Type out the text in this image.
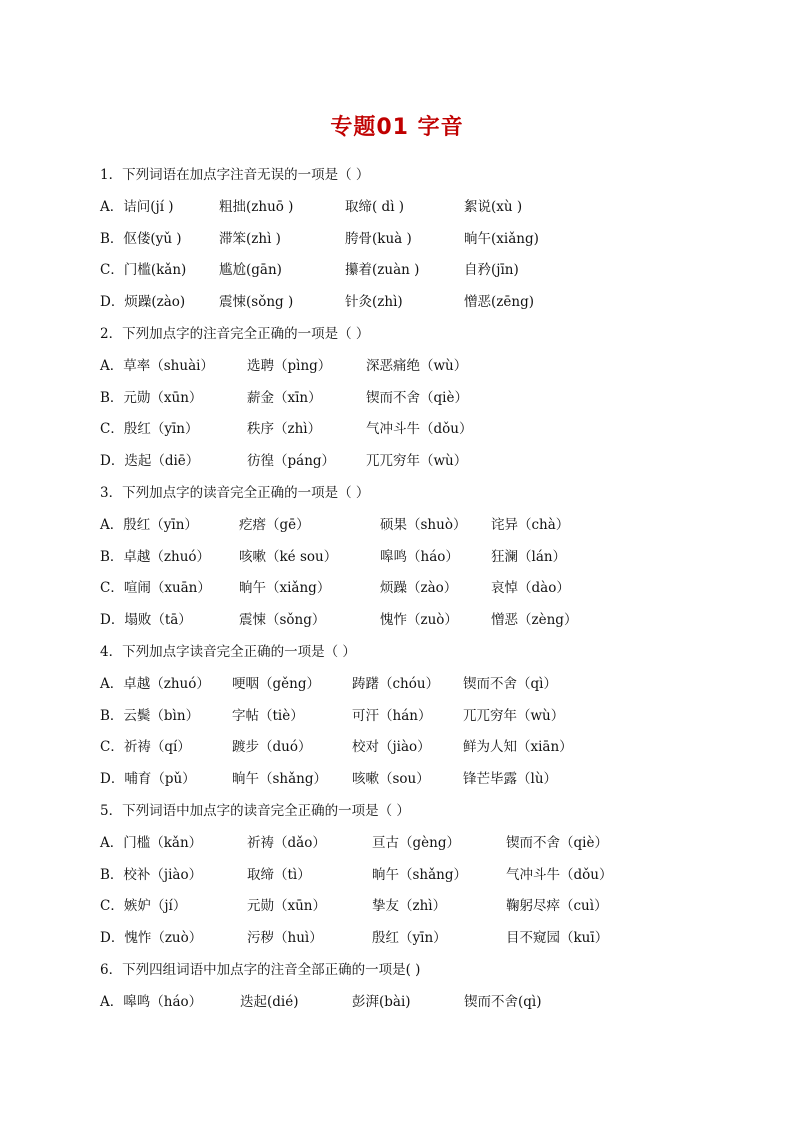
专题01 字音
1．下列词语在加点字注音无误的一项是（ ）
A．诘问(jí )	粗拙(zhuō )	取缔( dì )	絮说(xù )
B．伛偻(yǔ )	滞笨(zhì )	胯骨(kuà )	晌午(xiǎng)
C．门槛(kǎn) 尴尬(gān)	攥着(zuàn )	自矜(jīn)
D．烦躁(zào)	震悚(sǒng )	针灸(zhì)	憎恶(zēng)
2．下列加点字的注音完全正确的一项是（ ）
A．草率（shuài） 选聘（pìng）	深恶痛绝（wù）
B．元勋（xūn）	薪金（xīn）	锲而不舍（qiè）
C．殷红（yīn）	秩序（zhì）	气冲斗牛（dǒu）
D．迭起（diē）	彷徨（páng） 兀兀穷年（wù）
3．下列加点字的读音完全正确的一项是（ ）
A．殷红（yīn）	疙瘩（gē）	硕果（shuò） 诧异（chà）
B．卓越（zhuó） 咳嗽（ké sou）	嗥鸣（háo） 狂澜（lán）
C．喧闹（xuān） 晌午（xiǎng）	烦躁（zào） 哀悼（dào）
D．塌败（tā）	震悚（sǒng）	愧怍（zuò） 憎恶（zèng）
4．下列加点字读音完全正确的一项是（ ）
A．卓越（zhuó） 哽咽（gěng） 踌躇（chóu） 锲而不舍（qì）
B．云鬓（bìn） 字帖（tiè）	可汗（hán） 兀兀穷年（wù）
C．祈祷（qí）	踱步（duó）	校对（jiào） 鲜为人知（xiān）
D．哺育（pǔ）	晌午（shǎng） 咳嗽（sou） 锋芒毕露（lù）
5．下列词语中加点字的读音完全正确的一项是（ ）
A．门槛（kǎn）	祈祷（dǎo）	亘古（gèng）	锲而不舍（qiè）
B．校补（jiào）	取缔（tì）	晌午（shǎng）	气冲斗牛（dǒu）
C．嫉妒（jí）	元勋（xūn）	挚友（zhì）	鞠躬尽瘁（cuì）
D．愧怍（zuò）	污秽（huì）	殷红（yīn）	目不窥园（kuī）
6．下列四组词语中加点字的注音全部正确的一项是( )
A．嗥鸣（háo）	迭起(dié)	彭湃(bài)	锲而不舍(qì)
